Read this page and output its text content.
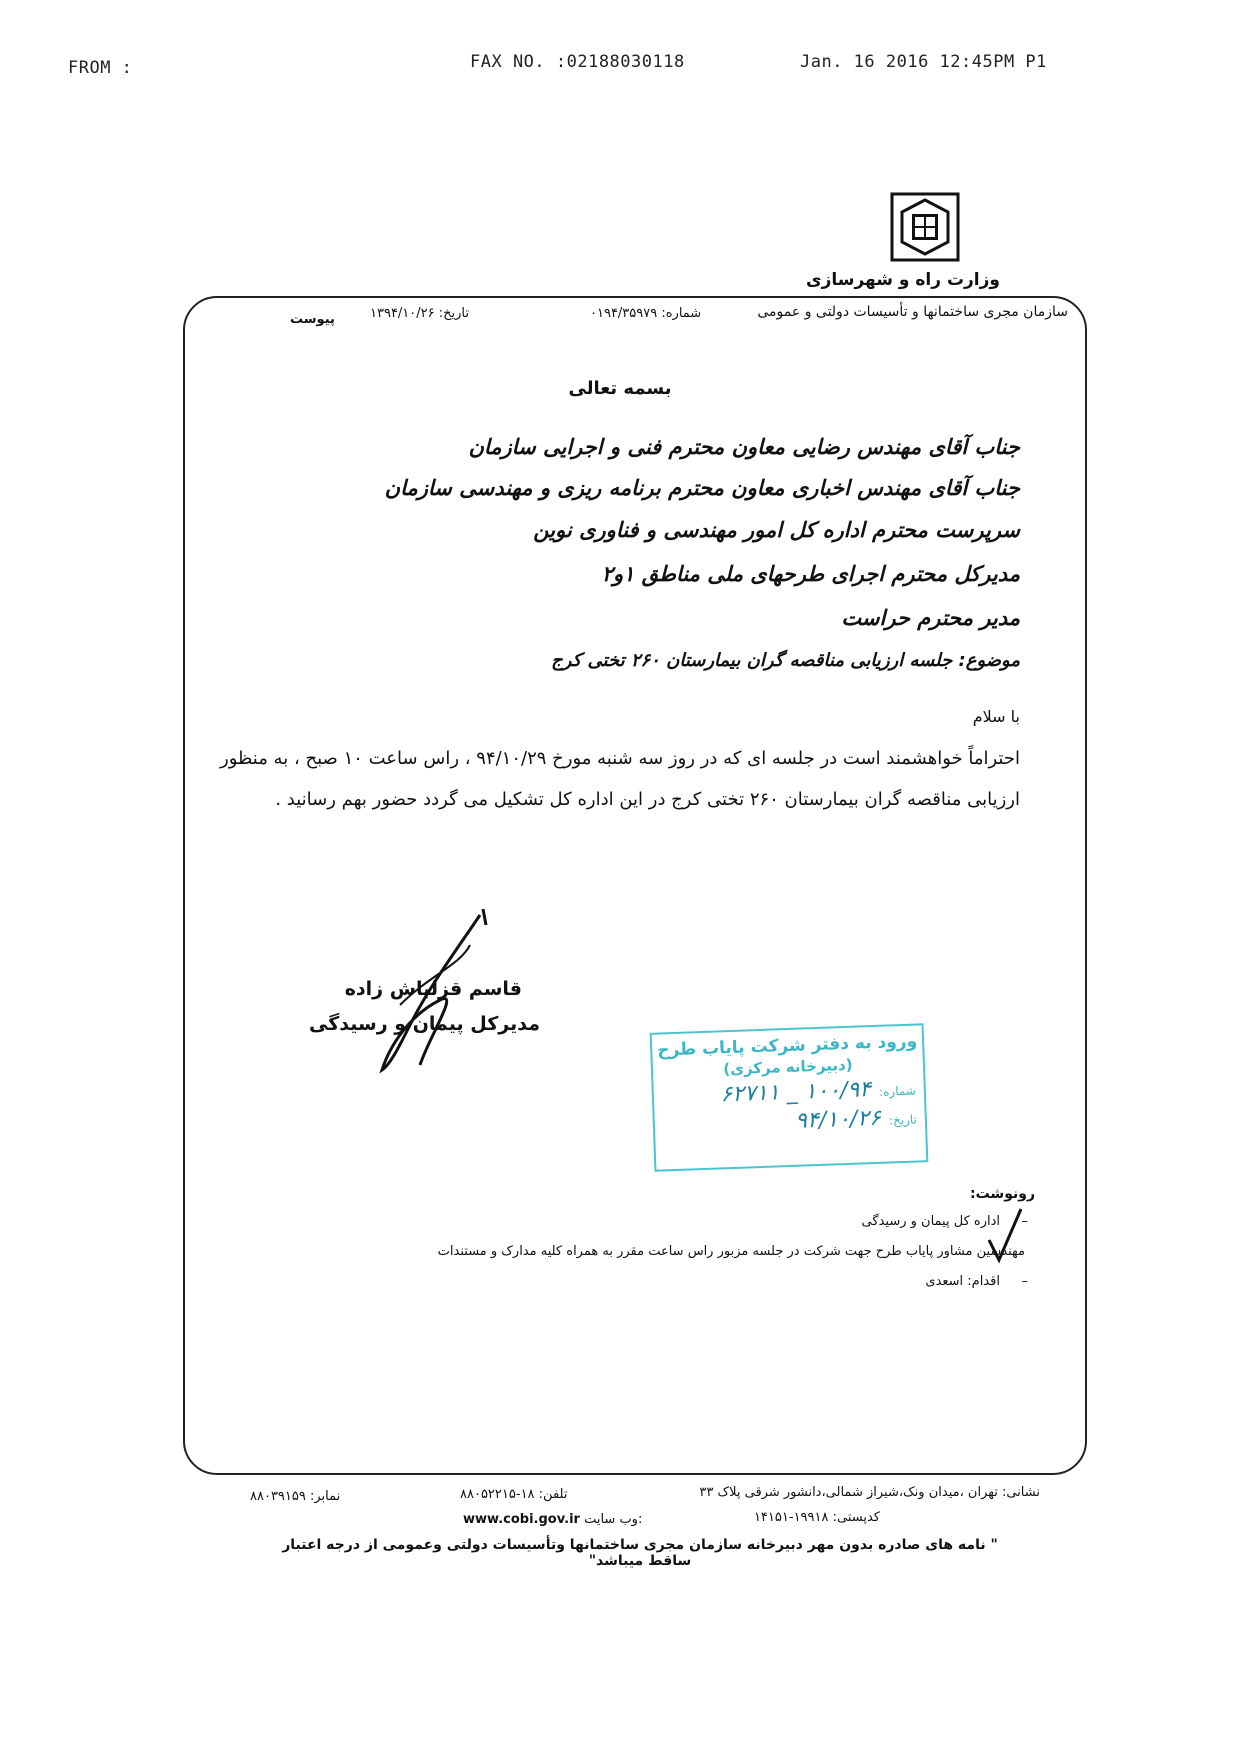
FROM :	FAX NO. :02188030118	Jan. 16 2016 12:45PM P1
وزارت راه و شهرسازی
سازمان مجری ساختمانها و تأسیسات دولتی و عمومی
شماره: ۰۱۹۴/۳۵۹۷۹
تاریخ: ۱۳۹۴/۱۰/۲۶
پیوست
بسمه تعالی
جناب آقای مهندس رضایی معاون محترم فنی و اجرایی سازمان
جناب آقای مهندس اخباری معاون محترم برنامه ریزی و مهندسی سازمان
سرپرست محترم اداره کل امور مهندسی و فناوری نوین
مدیرکل محترم اجرای طرحهای ملی مناطق ۱و۲
مدیر محترم حراست
موضوع: جلسه ارزیابی مناقصه گران بیمارستان ۲۶۰ تختی کرج
با سلام
احتراماً خواهشمند است در جلسه ای که در روز سه شنبه مورخ ۹۴/۱۰/۲۹ ، راس ساعت ۱۰ صبح ، به منظور ارزیابی مناقصه گران بیمارستان ۲۶۰ تختی کرج در این اداره کل تشکیل می گردد حضور بهم رسانید .
قاسم قزلباش زاده
مدیرکل پیمان و رسیدگی
ورود به دفتر شرکت پایاب طرح
(دبیرخانه مرکزی)
شماره:
۱۰۰/۹۴ _ ۶۲۷۱۱
تاریخ:
۹۴/۱۰/۲۶
رونوشت:
–
اداره کل پیمان و رسیدگی
مهندسین مشاور پایاب طرح جهت شرکت در جلسه مزبور راس ساعت مقرر به همراه کلیه مدارک و مستندات
–
اقدام: اسعدی
نشانی: تهران ،میدان ونک،شیراز شمالی،دانشور شرقی پلاک ۳۳
تلفن: ۱۸-۸۸۰۵۲۲۱۵
نمابر: ۸۸۰۳۹۱۵۹
کدپستی: ۱۹۹۱۸-۱۴۱۵۱
www.cobi.gov.ir وب سایت:
" نامه های صادره بدون مهر دبیرخانه سازمان مجری ساختمانها وتأسیسات دولتی وعمومی از درجه اعتبار ساقط میباشد"
